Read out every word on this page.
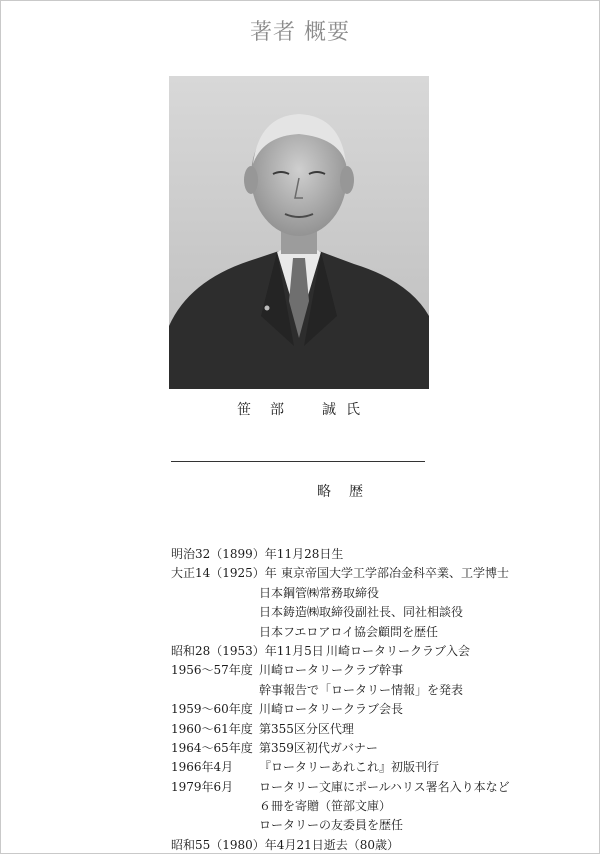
著者 概要
笹部 誠氏
略歴
明治32（1899）年11月28日生
大正14（1925）年 東京帝国大学工学部冶金科卒業、工学博士
日本鋼管㈱常務取締役
日本鋳造㈱取締役副社長、同社相談役
日本フエロアロイ協会顧問を歴任
昭和28（1953）年11月5日 川崎ロータリークラブ入会
1956〜57年度 川崎ロータリークラブ幹事
幹事報告で「ロータリー情報」を発表
1959〜60年度 川崎ロータリークラブ会長
1960〜61年度 第355区分区代理
1964〜65年度 第359区初代ガバナー
1966年4月 『ロータリーあれこれ』初版刊行
1979年6月 ロータリー文庫にポールハリス署名入り本など
６冊を寄贈（笹部文庫）
ロータリーの友委員を歴任
昭和55（1980）年4月21日逝去（80歳）
